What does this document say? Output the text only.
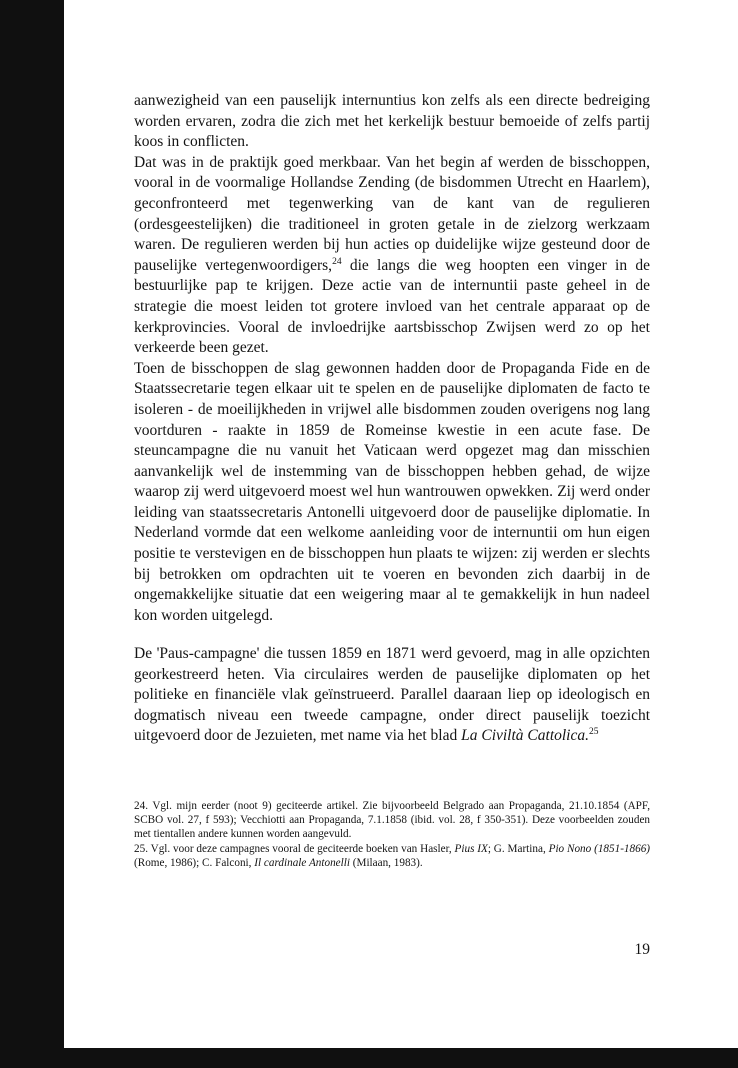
aanwezigheid van een pauselijk internuntius kon zelfs als een directe bedreiging worden ervaren, zodra die zich met het kerkelijk bestuur bemoeide of zelfs partij koos in conflicten.

Dat was in de praktijk goed merkbaar. Van het begin af werden de bisschoppen, vooral in de voormalige Hollandse Zending (de bisdommen Utrecht en Haarlem), geconfronteerd met tegenwerking van de kant van de regulieren (ordesgeestelijken) die traditioneel in groten getale in de zielzorg werkzaam waren. De regulieren werden bij hun acties op duidelijke wijze gesteund door de pauselijke vertegenwoordigers,$^{24}$ die langs die weg hoopten een vinger in de bestuurlijke pap te krijgen. Deze actie van de internuntii paste geheel in de strategie die moest leiden tot grotere invloed van het centrale apparaat op de kerkprovincies. Vooral de invloedrijke aartsbisschop Zwijsen werd zo op het verkeerde been gezet.

Toen de bisschoppen de slag gewonnen hadden door de Propaganda Fide en de Staatssecretarie tegen elkaar uit te spelen en de pauselijke diplomaten de facto te isoleren - de moeilijkheden in vrijwel alle bisdommen zouden overigens nog lang voortduren - raakte in 1859 de Romeinse kwestie in een acute fase. De steuncampagne die nu vanuit het Vaticaan werd opgezet mag dan misschien aanvankelijk wel de instemming van de bisschoppen hebben gehad, de wijze waarop zij werd uitgevoerd moest wel hun wantrouwen opwekken. Zij werd onder leiding van staatssecretaris Antonelli uitgevoerd door de pauselijke diplomatie. In Nederland vormde dat een welkome aanleiding voor de internuntii om hun eigen positie te verstevigen en de bisschoppen hun plaats te wijzen: zij werden er slechts bij betrokken om opdrachten uit te voeren en bevonden zich daarbij in de ongemakkelijke situatie dat een weigering maar al te gemakkelijk in hun nadeel kon worden uitgelegd.

De 'Paus-campagne' die tussen 1859 en 1871 werd gevoerd, mag in alle opzichten georkestreerd heten. Via circulaires werden de pauselijke diplomaten op het politieke en financiële vlak geïnstrueerd. Parallel daaraan liep op ideologisch en dogmatisch niveau een tweede campagne, onder direct pauselijk toezicht uitgevoerd door de Jezuieten, met name via het blad La Civiltà Cattolica.$^{25}$

24. Vgl. mijn eerder (noot 9) geciteerde artikel. Zie bijvoorbeeld Belgrado aan Propaganda, 21.10.1854 (APF, SCBO vol. 27, f 593); Vecchiotti aan Propaganda, 7.1.1858 (ibid. vol. 28, f 350-351). Deze voorbeelden zouden met tientallen andere kunnen worden aangevuld.

25. Vgl. voor deze campagnes vooral de geciteerde boeken van Hasler, Pius IX; G. Martina, Pio Nono (1851-1866) (Rome, 1986); C. Falconi, Il cardinale Antonelli (Milaan, 1983).

19
